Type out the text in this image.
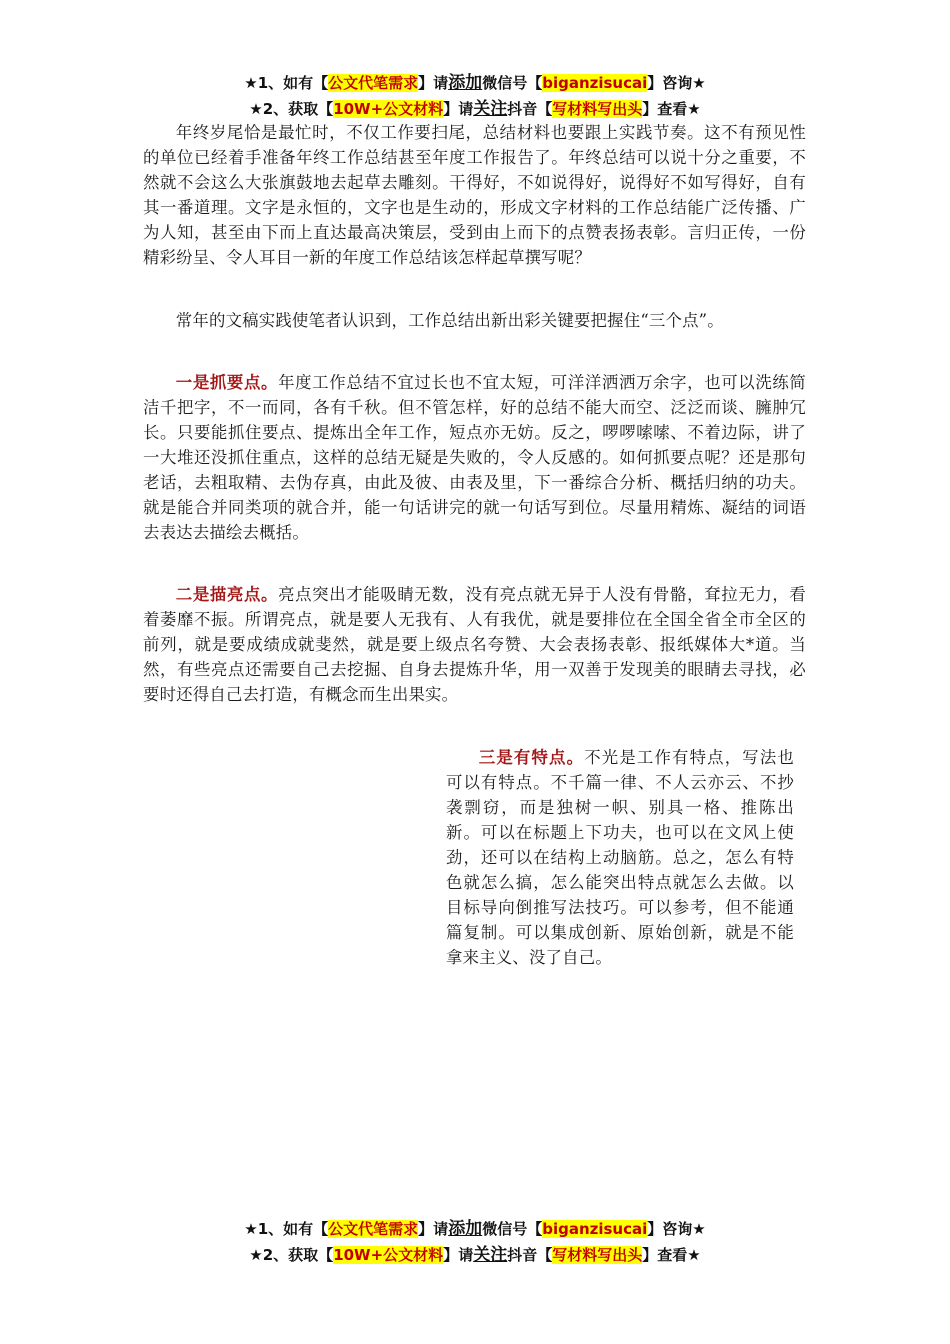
★1、如有【公文代笔需求】请添加微信号【biganzisucai】咨询★
★2、获取【10W+公文材料】请关注抖音【写材料写出头】查看★

年终岁尾恰是最忙时，不仅工作要扫尾，总结材料也要跟上实践节奏。这不有预见性的单位已经着手准备年终工作总结甚至年度工作报告了。年终总结可以说十分之重要，不然就不会这么大张旗鼓地去起草去雕刻。干得好，不如说得好，说得好不如写得好，自有其一番道理。文字是永恒的，文字也是生动的，形成文字材料的工作总结能广泛传播、广为人知，甚至由下而上直达最高决策层，受到由上而下的点赞表扬表彰。言归正传，一份精彩纷呈、令人耳目一新的年度工作总结该怎样起草撰写呢？

常年的文稿实践使笔者认识到，工作总结出新出彩关键要把握住“三个点”。

一是抓要点。年度工作总结不宜过长也不宜太短，可洋洋洒洒万余字，也可以洗练简洁千把字，不一而同，各有千秋。但不管怎样，好的总结不能大而空、泛泛而谈、臃肿冗长。只要能抓住要点、提炼出全年工作，短点亦无妨。反之，啰啰嗦嗦、不着边际，讲了一大堆还没抓住重点，这样的总结无疑是失败的，令人反感的。如何抓要点呢？还是那句老话，去粗取精、去伪存真，由此及彼、由表及里，下一番综合分析、概括归纳的功夫。就是能合并同类项的就合并，能一句话讲完的就一句话写到位。尽量用精炼、凝结的词语去表达去描绘去概括。

二是描亮点。亮点突出才能吸睛无数，没有亮点就无异于人没有骨骼，耷拉无力，看着萎靡不振。所谓亮点，就是要人无我有、人有我优，就是要排位在全国全省全市全区的前列，就是要成绩成就斐然，就是要上级点名夸赞、大会表扬表彰、报纸媒体大*道。当然，有些亮点还需要自己去挖掘、自身去提炼升华，用一双善于发现美的眼睛去寻找，必要时还得自己去打造，有概念而生出果实。

三是有特点。不光是工作有特点，写法也可以有特点。不千篇一律、不人云亦云、不抄袭剽窃，而是独树一帜、别具一格、推陈出新。可以在标题上下功夫，也可以在文风上使劲，还可以在结构上动脑筋。总之，怎么有特色就怎么搞，怎么能突出特点就怎么去做。以目标导向倒推写法技巧。可以参考，但不能通篇复制。可以集成创新、原始创新，就是不能拿来主义、没了自己。

★1、如有【公文代笔需求】请添加微信号【biganzisucai】咨询★
★2、获取【10W+公文材料】请关注抖音【写材料写出头】查看★
